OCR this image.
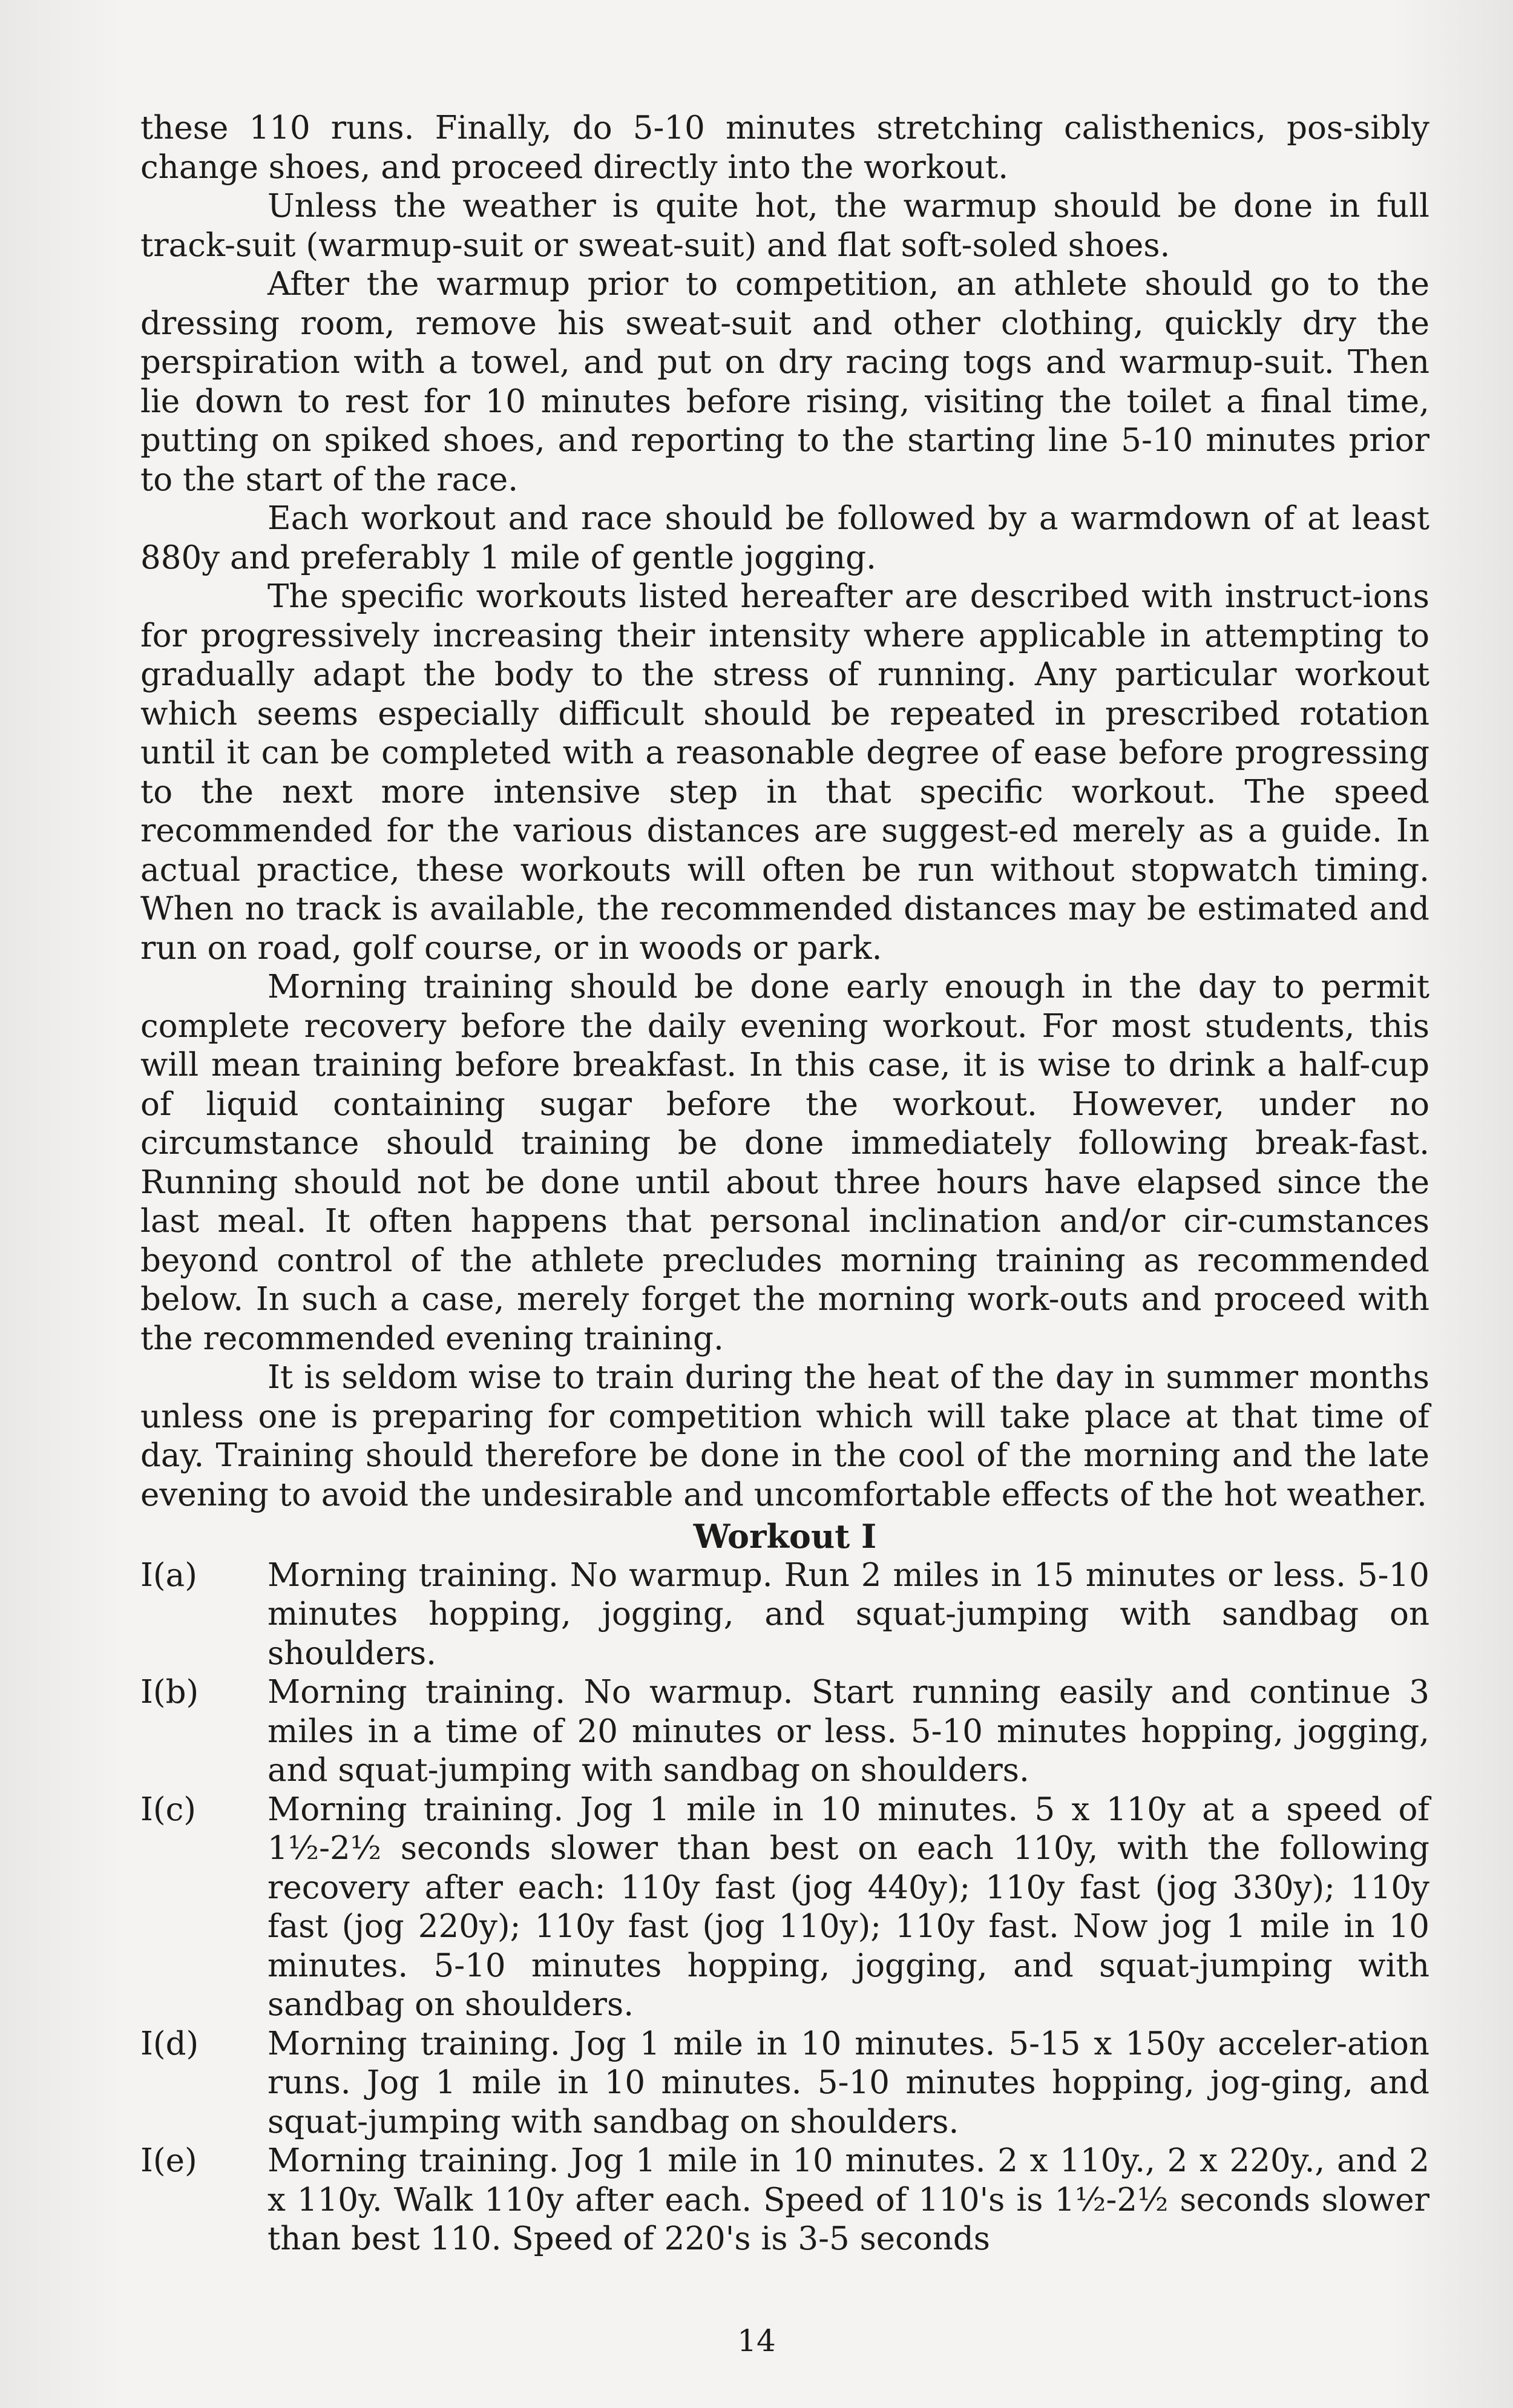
these 110 runs. Finally, do 5-10 minutes stretching calisthenics, pos-sibly change shoes, and proceed directly into the workout.

Unless the weather is quite hot, the warmup should be done in full track-suit (warmup-suit or sweat-suit) and flat soft-soled shoes.

After the warmup prior to competition, an athlete should go to the dressing room, remove his sweat-suit and other clothing, quickly dry the perspiration with a towel, and put on dry racing togs and warmup-suit. Then lie down to rest for 10 minutes before rising, visiting the toilet a final time, putting on spiked shoes, and reporting to the starting line 5-10 minutes prior to the start of the race.

Each workout and race should be followed by a warmdown of at least 880y and preferably 1 mile of gentle jogging.

The specific workouts listed hereafter are described with instruct-ions for progressively increasing their intensity where applicable in attempting to gradually adapt the body to the stress of running. Any particular workout which seems especially difficult should be repeated in prescribed rotation until it can be completed with a reasonable degree of ease before progressing to the next more intensive step in that specific workout. The speed recommended for the various distances are suggest-ed merely as a guide. In actual practice, these workouts will often be run without stopwatch timing. When no track is available, the recommended distances may be estimated and run on road, golf course, or in woods or park.

Morning training should be done early enough in the day to permit complete recovery before the daily evening workout. For most students, this will mean training before breakfast. In this case, it is wise to drink a half-cup of liquid containing sugar before the workout. However, under no circumstance should training be done immediately following break-fast. Running should not be done until about three hours have elapsed since the last meal. It often happens that personal inclination and/or cir-cumstances beyond control of the athlete precludes morning training as recommended below. In such a case, merely forget the morning work-outs and proceed with the recommended evening training.

It is seldom wise to train during the heat of the day in summer months unless one is preparing for competition which will take place at that time of day. Training should therefore be done in the cool of the morning and the late evening to avoid the undesirable and uncomfortable effects of the hot weather.

Workout I
I(a)	Morning training. No warmup. Run 2 miles in 15 minutes or less. 5-10 minutes hopping, jogging, and squat-jumping with sandbag on shoulders.
I(b)	Morning training. No warmup. Start running easily and continue 3 miles in a time of 20 minutes or less. 5-10 minutes hopping, jogging, and squat-jumping with sandbag on shoulders.
I(c)	Morning training. Jog 1 mile in 10 minutes. 5 x 110y at a speed of 1½-2½ seconds slower than best on each 110y, with the following recovery after each: 110y fast (jog 440y); 110y fast (jog 330y); 110y fast (jog 220y); 110y fast (jog 110y); 110y fast. Now jog 1 mile in 10 minutes. 5-10 minutes hopping, jogging, and squat-jumping with sandbag on shoulders.
I(d)	Morning training. Jog 1 mile in 10 minutes. 5-15 x 150y acceler-ation runs. Jog 1 mile in 10 minutes. 5-10 minutes hopping, jog-ging, and squat-jumping with sandbag on shoulders.
I(e)	Morning training. Jog 1 mile in 10 minutes. 2 x 110y., 2 x 220y., and 2 x 110y. Walk 110y after each. Speed of 110's is 1½-2½ seconds slower than best 110. Speed of 220's is 3-5 seconds
14
